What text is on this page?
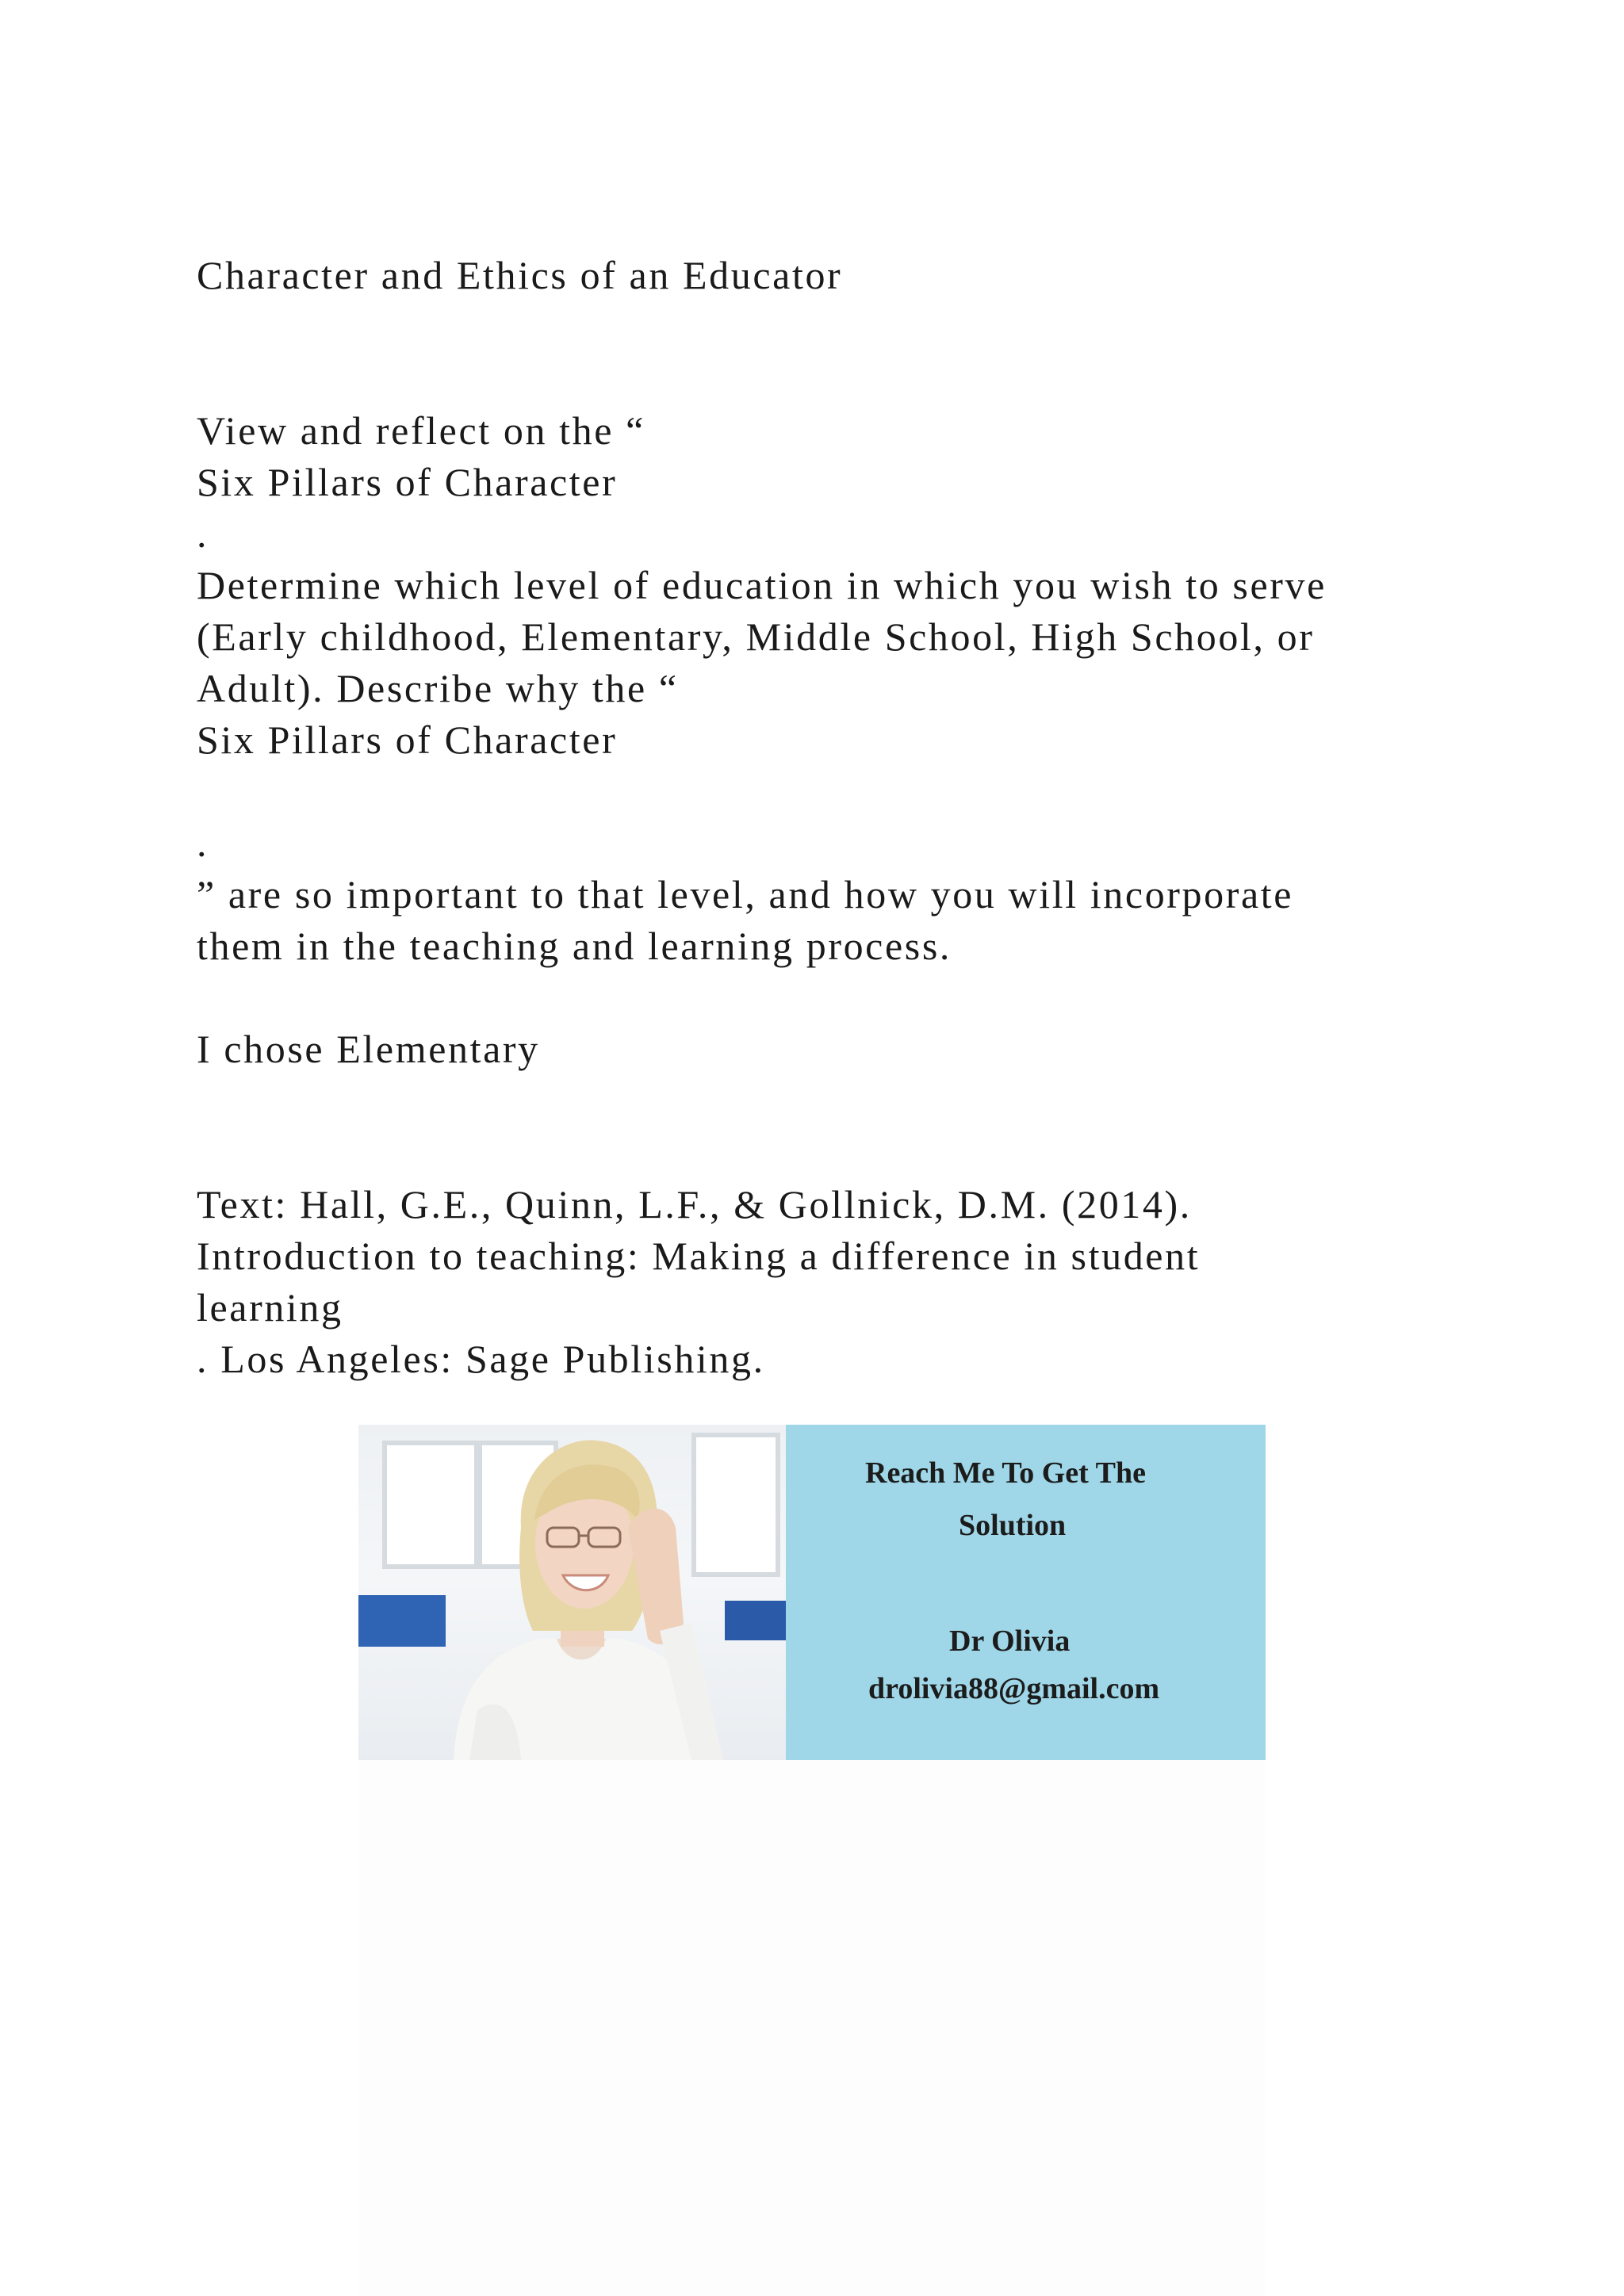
Character and Ethics of an Educator
View and reflect on the “
Six Pillars of Character
.
Determine which level of education in which you wish to serve
(Early childhood, Elementary, Middle School, High School, or
Adult). Describe why the “
Six Pillars of Character
.
” are so important to that level, and how you will incorporate
them in the teaching and learning process.
I chose Elementary
Text: Hall, G.E., Quinn, L.F., & Gollnick, D.M. (2014).
Introduction to teaching: Making a difference in student
learning
. Los Angeles: Sage Publishing.
Reach Me To Get The
Solution
Dr Olivia
drolivia88@gmail.com
